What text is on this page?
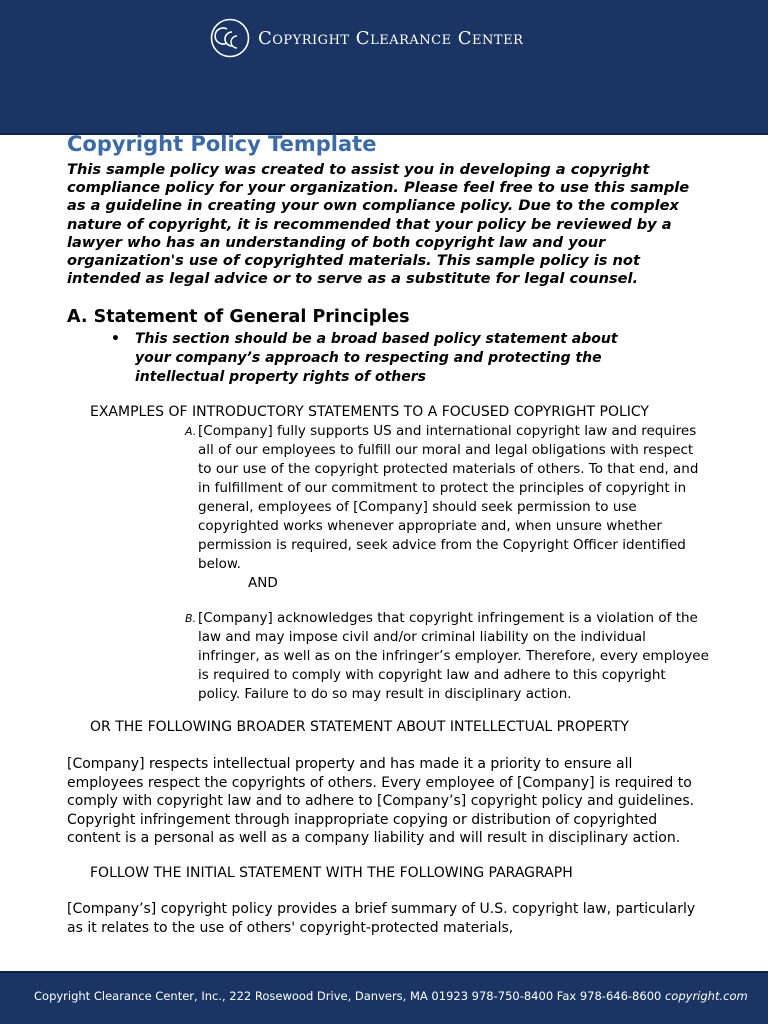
Copyright Clearance Center
Copyright Policy Template

This sample policy was created to assist you in developing a copyright compliance policy for your organization. Please feel free to use this sample as a guideline in creating your own compliance policy. Due to the complex nature of copyright, it is recommended that your policy be reviewed by a lawyer who has an understanding of both copyright law and your organization's use of copyrighted materials. This sample policy is not intended as legal advice or to serve as a substitute for legal counsel.

A. Statement of General Principles
•	This section should be a broad based policy statement about your company’s approach to respecting and protecting the intellectual property rights of others
EXAMPLES OF INTRODUCTORY STATEMENTS TO A FOCUSED COPYRIGHT POLICY
A. [Company] fully supports US and international copyright law and requires all of our employees to fulfill our moral and legal obligations with respect to our use of the copyright protected materials of others. To that end, and in fulfillment of our commitment to protect the principles of copyright in general, employees of [Company] should seek permission to use copyrighted works whenever appropriate and, when unsure whether permission is required, seek advice from the Copyright Officer identified below.
AND
B. [Company] acknowledges that copyright infringement is a violation of the law and may impose civil and/or criminal liability on the individual infringer, as well as on the infringer’s employer. Therefore, every employee is required to comply with copyright law and adhere to this copyright policy. Failure to do so may result in disciplinary action.
OR THE FOLLOWING BROADER STATEMENT ABOUT INTELLECTUAL PROPERTY

[Company] respects intellectual property and has made it a priority to ensure all employees respect the copyrights of others. Every employee of [Company] is required to comply with copyright law and to adhere to [Company’s] copyright policy and guidelines. Copyright infringement through inappropriate copying or distribution of copyrighted content is a personal as well as a company liability and will result in disciplinary action.

FOLLOW THE INITIAL STATEMENT WITH THE FOLLOWING PARAGRAPH

[Company’s] copyright policy provides a brief summary of U.S. copyright law, particularly as it relates to the use of others' copyright-protected materials,

Copyright Clearance Center, Inc., 222 Rosewood Drive, Danvers, MA 01923 978-750-8400 Fax 978-646-8600 copyright.com
